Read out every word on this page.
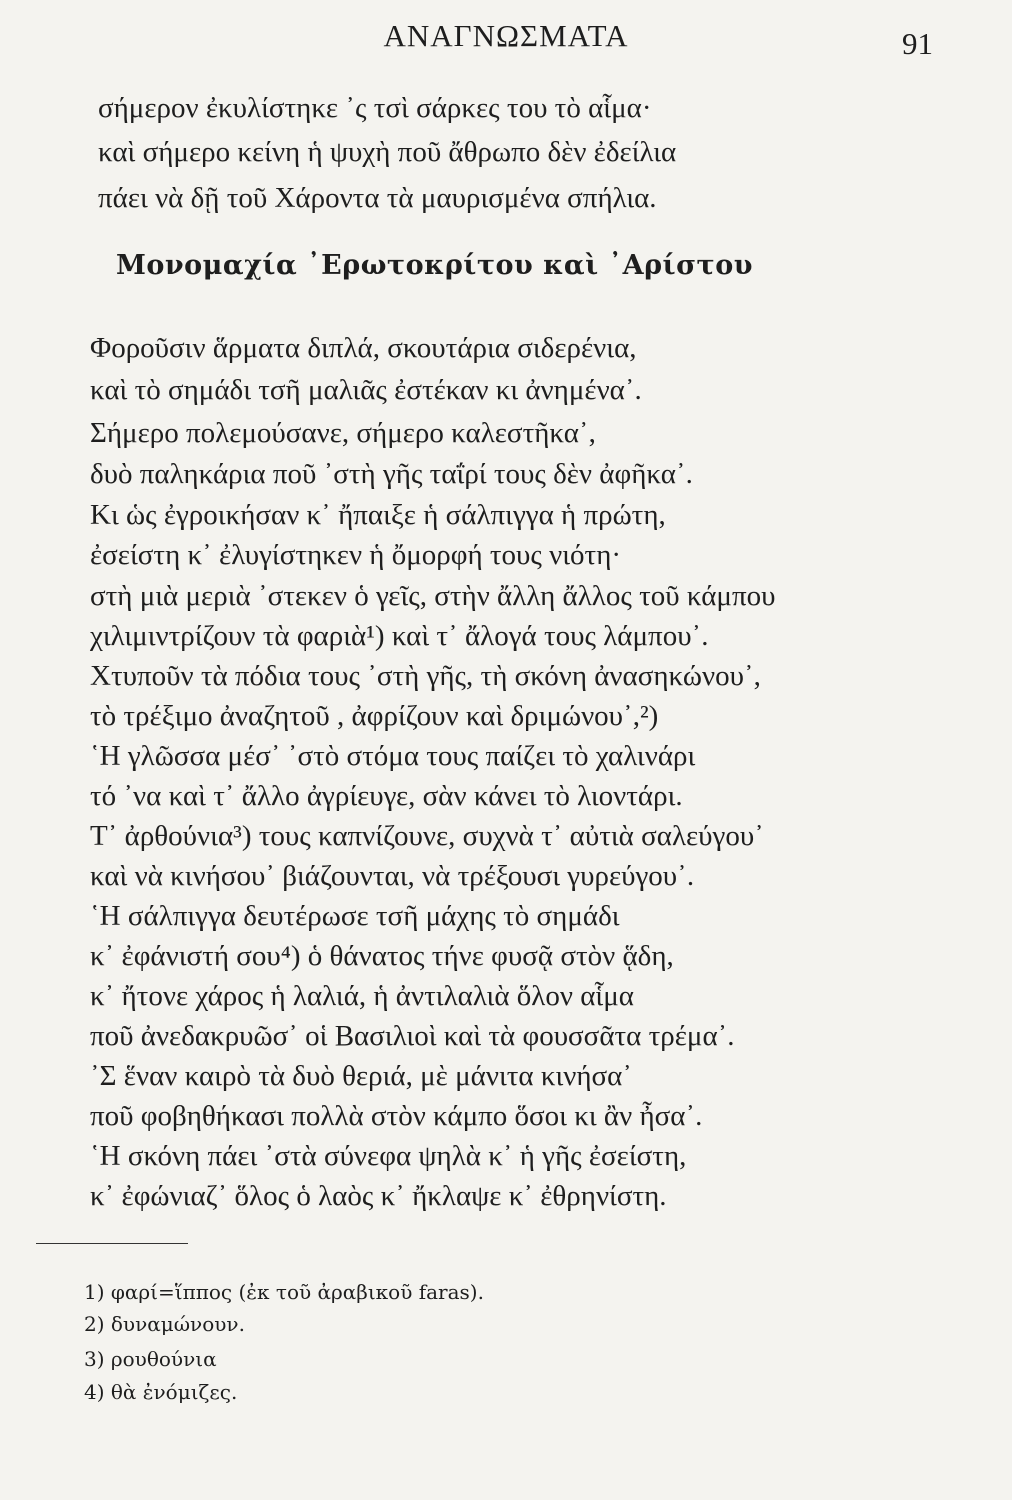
ΑΝΑΓΝΩΣΜΑΤΑ	91
σήμερον ἐκυλίστηκε ᾽ς τσὶ σάρκες του τὸ αἷμα·
καὶ σήμερο κείνη ἡ ψυχὴ ποῦ ἄθρωπο δὲν ἐδείλια
πάει νὰ δῇ τοῦ Χάροντα τὰ μαυρισμένα σπήλια.
Μονομαχία ᾽Ερωτοκρίτου καὶ ᾽Αρίστου
Φοροῦσιν ἅρματα διπλά, σκουτάρια σιδερένια,
καὶ τὸ σημάδι τσῆ μαλιᾶς ἐστέκαν κι ἀνημένα᾽.
Σήμερο πολεμούσανε, σήμερο καλεστῆκα᾽,
δυὸ παληκάρια ποῦ ᾽στὴ γῆς ταΐρί τους δὲν ἀφῆκα᾽.
Κι ὡς ἐγροικήσαν κ᾽ ἤπαιξε ἡ σάλπιγγα ἡ πρώτη,
ἐσείστη κ᾽ ἐλυγίστηκεν ἡ ὄμορφή τους νιότη·
στὴ μιὰ μεριὰ ᾽στεκεν ὁ γεῖς, στὴν ἄλλη ἄλλος τοῦ κάμπου
χιλιμιντρίζουν τὰ φαριὰ¹) καὶ τ᾽ ἄλογά τους λάμπου᾽.
Χτυποῦν τὰ πόδια τους ᾽στὴ γῆς, τὴ σκόνη ἀνασηκώνου᾽,
τὸ τρέξιμο ἀναζητοῦ , ἀφρίζουν καὶ δριμώνου᾽,²)
῾Η γλῶσσα μέσ᾽ ᾽στὸ στόμα τους παίζει τὸ χαλινάρι
τό ᾽να καὶ τ᾽ ἄλλο ἀγρίευγε, σὰν κάνει τὸ λιοντάρι.
Τ᾽ ἀρθούνια³) τους καπνίζουνε, συχνὰ τ᾽ αὐτιὰ σαλεύγου᾽
καὶ νὰ κινήσου᾽ βιάζουνται, νὰ τρέξουσι γυρεύγου᾽.
῾Η σάλπιγγα δευτέρωσε τσῆ μάχης τὸ σημάδι
κ᾽ ἐφάνιστή σου⁴) ὁ θάνατος τήνε φυσᾷ στὸν ᾅδη,
κ᾽ ἤτονε χάρος ἡ λαλιά, ἡ ἀντιλαλιὰ ὅλον αἷμα
ποῦ ἀνεδακρυῶσ᾽ οἱ Βασιλιοὶ καὶ τὰ φουσσᾶτα τρέμα᾽.
᾽Σ ἕναν καιρὸ τὰ δυὸ θεριά, μὲ μάνιτα κινήσα᾽
ποῦ φοβηθήκασι πολλὰ στὸν κάμπο ὅσοι κι ἂν ἦσα᾽.
῾Η σκόνη πάει ᾽στὰ σύνεφα ψηλὰ κ᾽ ἡ γῆς ἐσείστη,
κ᾽ ἐφώνιαζ᾽ ὅλος ὁ λαὸς κ᾽ ἤκλαψε κ᾽ ἐθρηνίστη.
1) φαρί=ἵππος (ἐκ τοῦ ἀραβικοῦ faras).
2) δυναμώνουν.
3) ρουθούνια
4) θὰ ἐνόμιζες.
